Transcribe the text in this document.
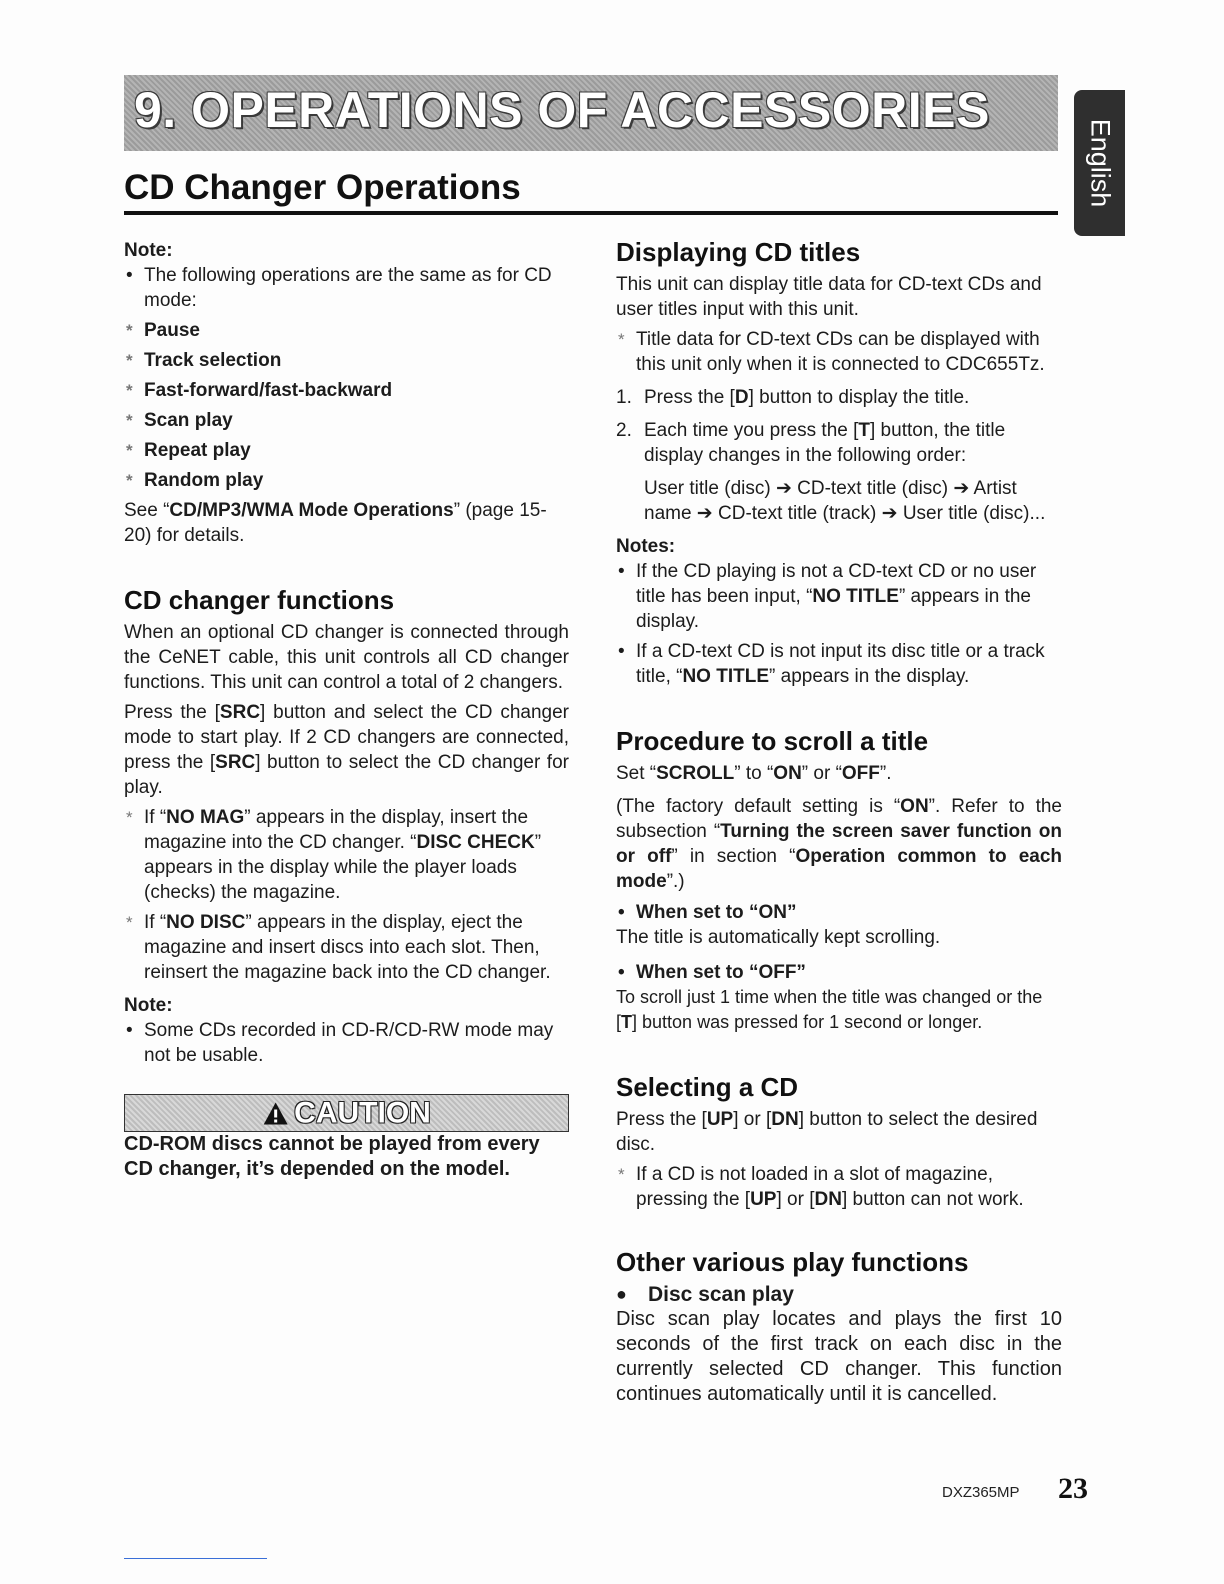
9. OPERATIONS OF ACCESSORIES
English
CD Changer Operations

Note:

• The following operations are the same as for CD mode:

* Pause

* Track selection

* Fast-forward/fast-backward

* Scan play

* Repeat play

* Random play

See “CD/MP3/WMA Mode Operations” (page 15-20) for details.

CD changer functions

When an optional CD changer is connected through the CeNET cable, this unit controls all CD changer functions. This unit can control a total of 2 changers.

Press the [SRC] button and select the CD changer mode to start play. If 2 CD changers are connected, press the [SRC] button to select the CD changer for play.

* If “NO MAG” appears in the display, insert the magazine into the CD changer. “DISC CHECK” appears in the display while the player loads (checks) the magazine.

* If “NO DISC” appears in the display, eject the magazine and insert discs into each slot. Then, reinsert the magazine back into the CD changer.

Note:

• Some CDs recorded in CD-R/CD-RW mode may not be usable.

CAUTION

CD-ROM discs cannot be played from every CD changer, it’s depended on the model.

Displaying CD titles

This unit can display title data for CD-text CDs and user titles input with this unit.

* Title data for CD-text CDs can be displayed with this unit only when it is connected to CDC655Tz.

1. Press the [D] button to display the title.

2. Each time you press the [T] button, the title display changes in the following order:

User title (disc) ➔ CD-text title (disc) ➔ Artist name ➔ CD-text title (track) ➔ User title (disc)...

Notes:

• If the CD playing is not a CD-text CD or no user title has been input, “NO TITLE” appears in the display.

• If a CD-text CD is not input its disc title or a track title, “NO TITLE” appears in the display.

Procedure to scroll a title

Set “SCROLL” to “ON” or “OFF”.

(The factory default setting is “ON”. Refer to the subsection “Turning the screen saver function on or off” in section “Operation common to each mode”.)

• When set to “ON”

The title is automatically kept scrolling.

• When set to “OFF”

To scroll just 1 time when the title was changed or the [T] button was pressed for 1 second or longer.

Selecting a CD

Press the [UP] or [DN] button to select the desired disc.

* If a CD is not loaded in a slot of magazine, pressing the [UP] or [DN] button can not work.

Other various play functions

● Disc scan play

Disc scan play locates and plays the first 10 seconds of the first track on each disc in the currently selected CD changer. This function continues automatically until it is cancelled.

DXZ365MP 23
